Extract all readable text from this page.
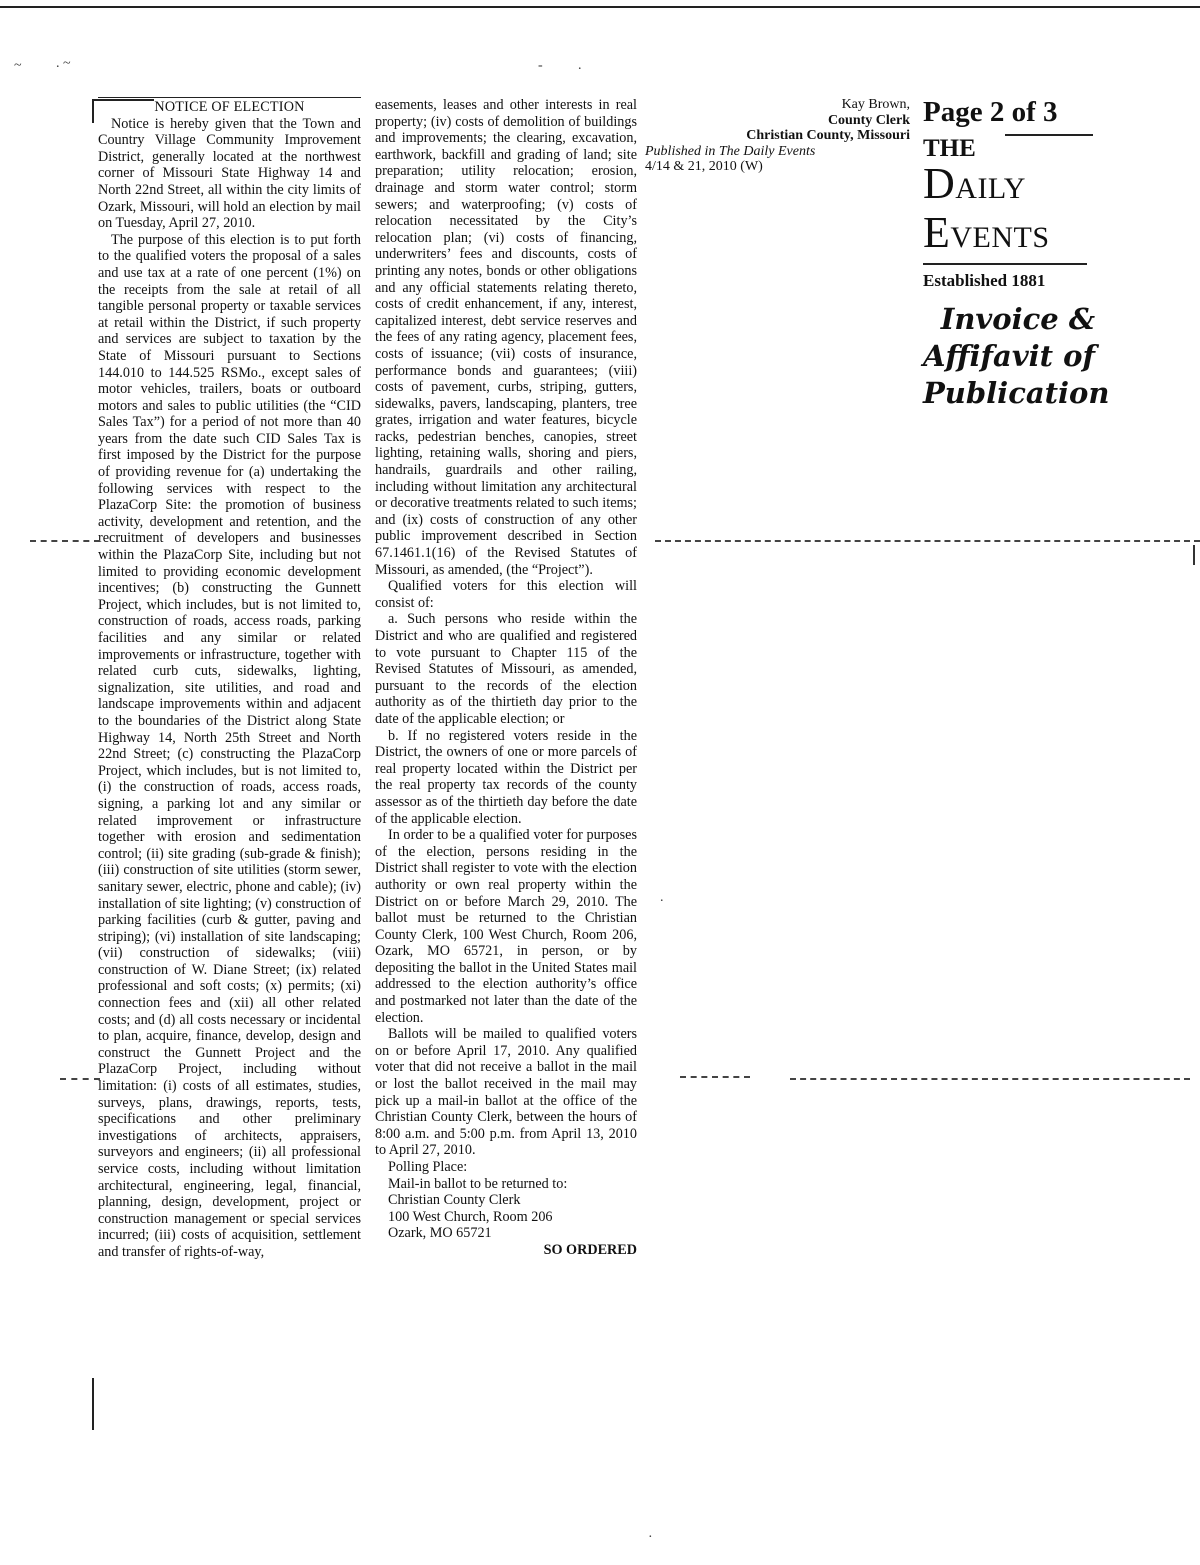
~ . ~	-	.

NOTICE OF ELECTION

Notice is hereby given that the Town and Country Village Community Improvement District, generally located at the northwest corner of Missouri State Highway 14 and North 22nd Street, all within the city limits of Ozark, Missouri, will hold an election by mail on Tuesday, April 27, 2010.

The purpose of this election is to put forth to the qualified voters the proposal of a sales and use tax at a rate of one percent (1%) on the receipts from the sale at retail of all tangible personal property or taxable services at retail within the District, if such property and services are subject to taxation by the State of Missouri pursuant to Sections 144.010 to 144.525 RSMo., except sales of motor vehicles, trailers, boats or outboard motors and sales to public utilities (the “CID Sales Tax”) for a period of not more than 40 years from the date such CID Sales Tax is first imposed by the District for the purpose of providing revenue for (a) undertaking the following services with respect to the PlazaCorp Site: the promotion of business activity, development and retention, and the recruitment of developers and businesses within the PlazaCorp Site, including but not limited to providing economic development incentives; (b) constructing the Gunnett Project, which includes, but is not limited to, construction of roads, access roads, parking facilities and any similar or related improvements or infrastructure, together with related curb cuts, sidewalks, lighting, signalization, site utilities, and road and landscape improvements within and adjacent to the boundaries of the District along State Highway 14, North 25th Street and North 22nd Street; (c) constructing the PlazaCorp Project, which includes, but is not limited to, (i) the construction of roads, access roads, signing, a parking lot and any similar or related improvement or infrastructure together with erosion and sedimentation control; (ii) site grading (sub-grade & finish); (iii) construction of site utilities (storm sewer, sanitary sewer, electric, phone and cable); (iv) installation of site lighting; (v) construction of parking facilities (curb & gutter, paving and striping); (vi) installation of site landscaping; (vii) construction of sidewalks; (viii) construction of W. Diane Street; (ix) related professional and soft costs; (x) permits; (xi) connection fees and (xii) all other related costs; and (d) all costs necessary or incidental to plan, acquire, finance, develop, design and construct the Gunnett Project and the PlazaCorp Project, including without limitation: (i) costs of all estimates, studies, surveys, plans, drawings, reports, tests, specifications and other preliminary investigations of architects, appraisers, surveyors and engineers; (ii) all professional service costs, including without limitation architectural, engineering, legal, financial, planning, design, development, project or construction management or special services incurred; (iii) costs of acquisition, settlement and transfer of rights-of-way,

easements, leases and other interests in real property; (iv) costs of demolition of buildings and improvements; the clearing, excavation, earthwork, backfill and grading of land; site preparation; utility relocation; erosion, drainage and storm water control; storm sewers; and waterproofing; (v) costs of relocation necessitated by the City’s relocation plan; (vi) costs of financing, underwriters’ fees and discounts, costs of printing any notes, bonds or other obligations and any official statements relating thereto, costs of credit enhancement, if any, interest, capitalized interest, debt service reserves and the fees of any rating agency, placement fees, costs of issuance; (vii) costs of insurance, performance bonds and guarantees; (viii) costs of pavement, curbs, striping, gutters, sidewalks, pavers, landscaping, planters, tree grates, irrigation and water features, bicycle racks, pedestrian benches, canopies, street lighting, retaining walls, shoring and piers, handrails, guardrails and other railing, including without limitation any architectural or decorative treatments related to such items; and (ix) costs of construction of any other public improvement described in Section 67.1461.1(16) of the Revised Statutes of Missouri, as amended, (the “Project”).

Qualified voters for this election will consist of:

a. Such persons who reside within the District and who are qualified and registered to vote pursuant to Chapter 115 of the Revised Statutes of Missouri, as amended, pursuant to the records of the election authority as of the thirtieth day prior to the date of the applicable election; or

b. If no registered voters reside in the District, the owners of one or more parcels of real property located within the District per the real property tax records of the county assessor as of the thirtieth day before the date of the applicable election.

In order to be a qualified voter for purposes of the election, persons residing in the District shall register to vote with the election authority or own real property within the District on or before March 29, 2010. The ballot must be returned to the Christian County Clerk, 100 West Church, Room 206, Ozark, MO 65721, in person, or by depositing the ballot in the United States mail addressed to the election authority’s office and postmarked not later than the date of the election.

Ballots will be mailed to qualified voters on or before April 17, 2010. Any qualified voter that did not receive a ballot in the mail or lost the ballot received in the mail may pick up a mail-in ballot at the office of the Christian County Clerk, between the hours of 8:00 a.m. and 5:00 p.m. from April 13, 2010 to April 27, 2010.

Polling Place:

Mail-in ballot to be returned to:

Christian County Clerk

100 West Church, Room 206

Ozark, MO 65721

SO ORDERED

Kay Brown,
County Clerk
Christian County, Missouri
Published in The Daily Events
4/14 & 21, 2010 (W)
Page 2 of 3
THE
DAILY
EVENTS
Established 1881
Invoice &
Affifavit of
Publication
.
·
